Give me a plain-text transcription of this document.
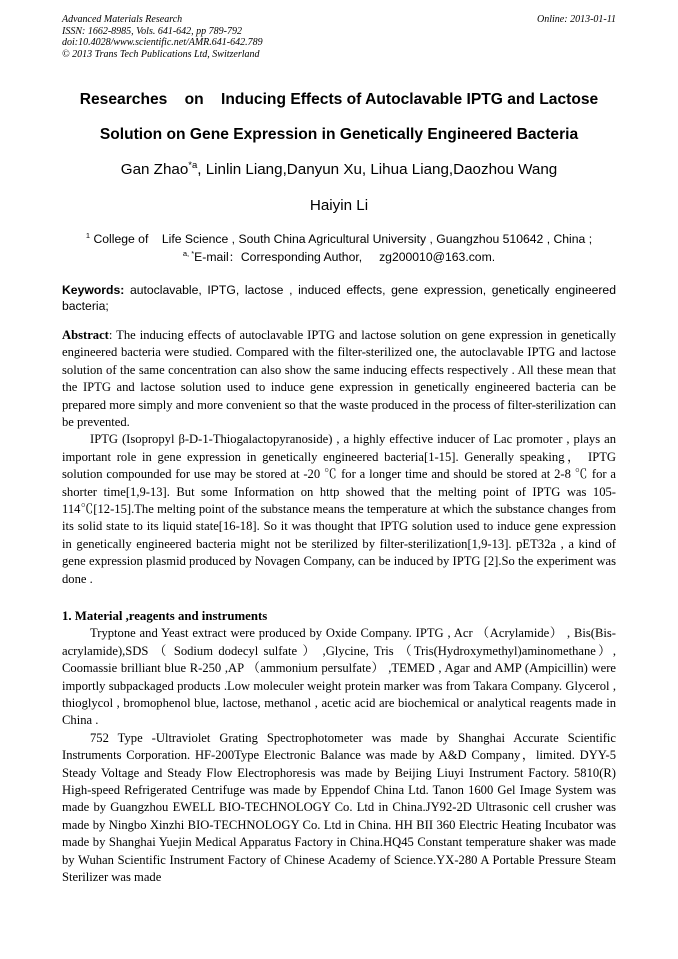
Advanced Materials Research
ISSN: 1662-8985, Vols. 641-642, pp 789-792
doi:10.4028/www.scientific.net/AMR.641-642.789
© 2013 Trans Tech Publications Ltd, Switzerland
Online: 2013-01-11
Researches    on    Inducing Effects of Autoclavable IPTG and Lactose
Solution on Gene Expression in Genetically Engineered Bacteria
Gan Zhao$^{*a}$, Linlin Liang,Danyun Xu, Lihua Liang,Daozhou Wang
Haiyin Li
$^1$ College of    Life Science , South China Agricultural University , Guangzhou 510642 , China ;
$^{a, *}$E-mail：Corresponding Author,     zg200010@163.com.
Keywords: autoclavable, IPTG, lactose , induced effects, gene expression, genetically engineered bacteria;

Abstract: The inducing effects of autoclavable IPTG and lactose solution on gene expression in genetically engineered bacteria were studied. Compared with the filter-sterilized one, the autoclavable IPTG and lactose solution of the same concentration can also show the same inducing effects respectively . All these mean that the IPTG and lactose solution used to induce gene expression in genetically engineered bacteria can be prepared more simply and more convenient so that the waste produced in the process of filter-sterilization can be prevented.

IPTG (Isopropyl β-D-1-Thiogalactopyranoside) , a highly effective inducer of Lac promoter , plays an important role in gene expression in genetically engineered bacteria[1-15]. Generally speaking， IPTG solution compounded for use may be stored at -20 ℃ for a longer time and should be stored at 2-8 ℃ for a shorter time[1,9-13]. But some Information on http showed that the melting point of IPTG was 105-114℃[12-15].The melting point of the substance means the temperature at which the substance changes from its solid state to its liquid state[16-18]. So it was thought that IPTG solution used to induce gene expression in genetically engineered bacteria might not be sterilized by filter-sterilization[1,9-13]. pET32a , a kind of gene expression plasmid produced by Novagen Company, can be induced by IPTG [2].So the experiment was done .

1. Material ,reagents and instruments

Tryptone and Yeast extract were produced by Oxide Company. IPTG , Acr （Acrylamide） , Bis(Bis-acrylamide),SDS （ Sodium dodecyl sulfate ） ,Glycine, Tris （Tris(Hydroxymethyl)aminomethane）, Coomassie brilliant blue R-250 ,AP （ammonium persulfate） ,TEMED , Agar and AMP (Ampicillin) were importly subpackaged products .Low moleculer weight protein marker was from Takara Company. Glycerol , thioglycol , bromophenol blue, lactose, methanol , acetic acid are biochemical or analytical reagents made in China .

752 Type -Ultraviolet Grating Spectrophotometer was made by Shanghai Accurate Scientific Instruments Corporation. HF-200Type Electronic Balance was made by A&D Company，limited. DYY-5 Steady Voltage and Steady Flow Electrophoresis was made by Beijing Liuyi Instrument Factory. 5810(R) High-speed Refrigerated Centrifuge was made by Eppendof China Ltd. Tanon 1600 Gel Image System was made by Guangzhou EWELL BIO-TECHNOLOGY Co. Ltd in China.JY92-2D Ultrasonic cell crusher was made by Ningbo Xinzhi BIO-TECHNOLOGY Co. Ltd in China. HH BII 360 Electric Heating Incubator was made by Shanghai Yuejin Medical Apparatus Factory in China.HQ45 Constant temperature shaker was made by Wuhan Scientific Instrument Factory of Chinese Academy of Science.YX-280 A Portable Pressure Steam Sterilizer was made
